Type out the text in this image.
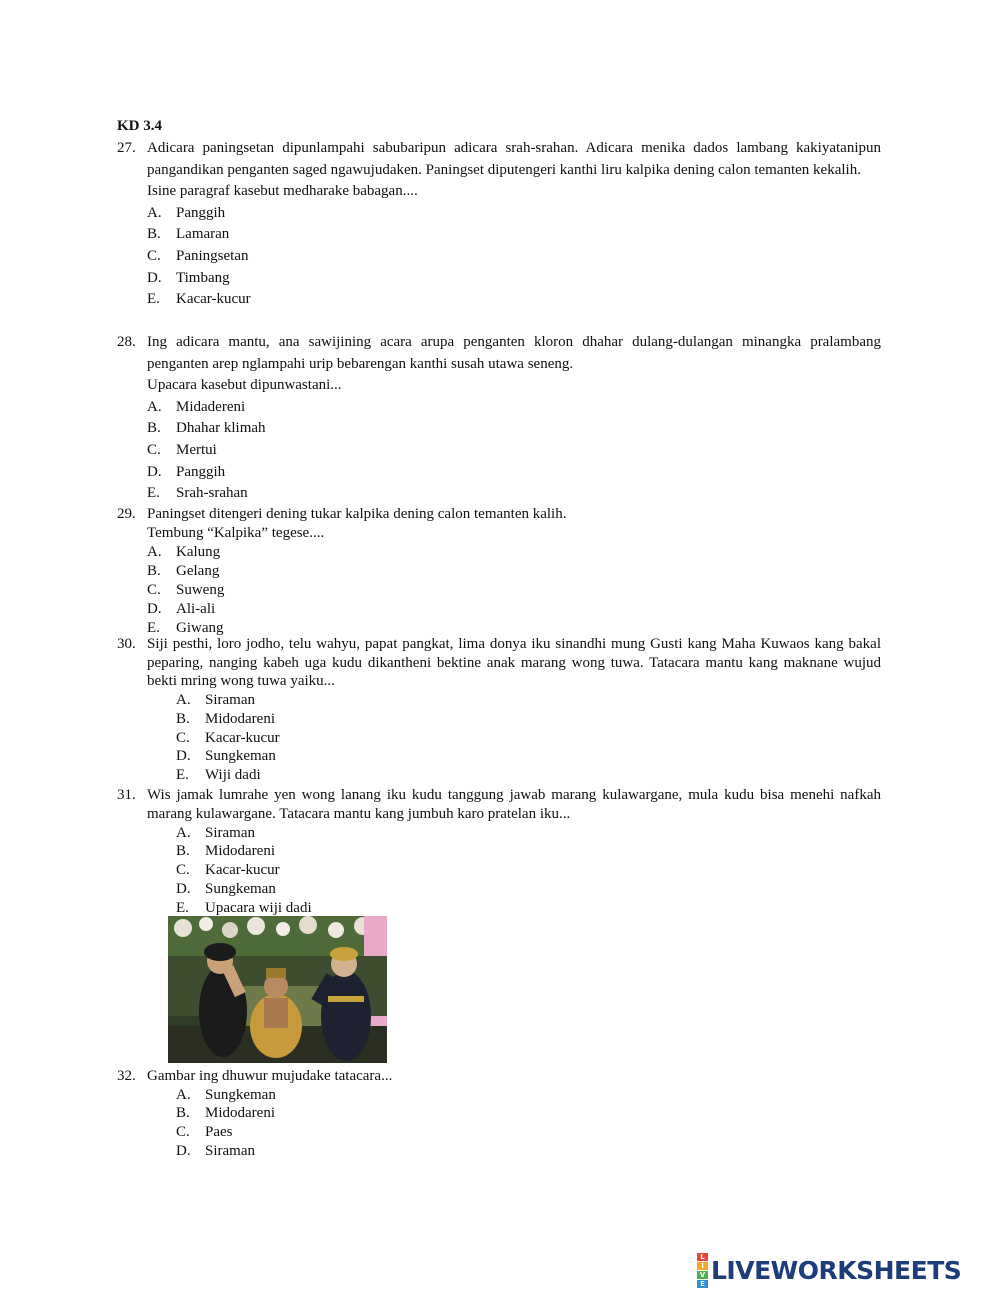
KD 3.4
27. Adicara paningsetan dipunlampahi sabubaripun adicara srah-srahan. Adicara menika dados lambang kakiyatanipun pangandikan penganten saged ngawujudaken. Paningset diputengeri kanthi liru kalpika dening calon temanten kekalih.
Isine paragraf kasebut medharake babagan....
A. Panggih
B.	Lamaran
C.	Paningsetan
D. Timbang
E.	Kacar-kucur
28. Ing adicara mantu, ana sawijining acara arupa penganten kloron dhahar dulang-dulangan minangka pralambang penganten arep nglampahi urip bebarengan kanthi susah utawa seneng.
Upacara kasebut dipunwastani...
A. Midadereni
B.	Dhahar klimah
C.	Mertui
D. Panggih
E.	Srah-srahan
29. Paningset ditengeri dening tukar kalpika dening calon temanten kalih.
Tembung “Kalpika” tegese....
A. Kalung
B.	Gelang
C.	Suweng
D. Ali-ali
E.	Giwang
30. Siji pesthi, loro jodho, telu wahyu, papat pangkat, lima donya iku sinandhi mung Gusti kang Maha Kuwaos kang bakal peparing, nanging kabeh uga kudu dikantheni bektine anak marang wong tuwa. Tatacara mantu kang maknane wujud bekti mring wong tuwa yaiku...
A. Siraman
B.	Midodareni
C.	Kacar-kucur
D. Sungkeman
E.	Wiji dadi
31. Wis jamak lumrahe yen wong lanang iku kudu tanggung jawab marang kulawargane, mula kudu bisa menehi nafkah marang kulawargane. Tatacara mantu kang jumbuh karo pratelan iku...
A. Siraman
B.	Midodareni
C.	Kacar-kucur
D. Sungkeman
E.	Upacara wiji dadi
32. Gambar ing dhuwur mujudake tatacara...
A. Sungkeman
B.	Midodareni
C.	Paes
D. Siraman
L
I
V
E LIVEWORKSHEETS
